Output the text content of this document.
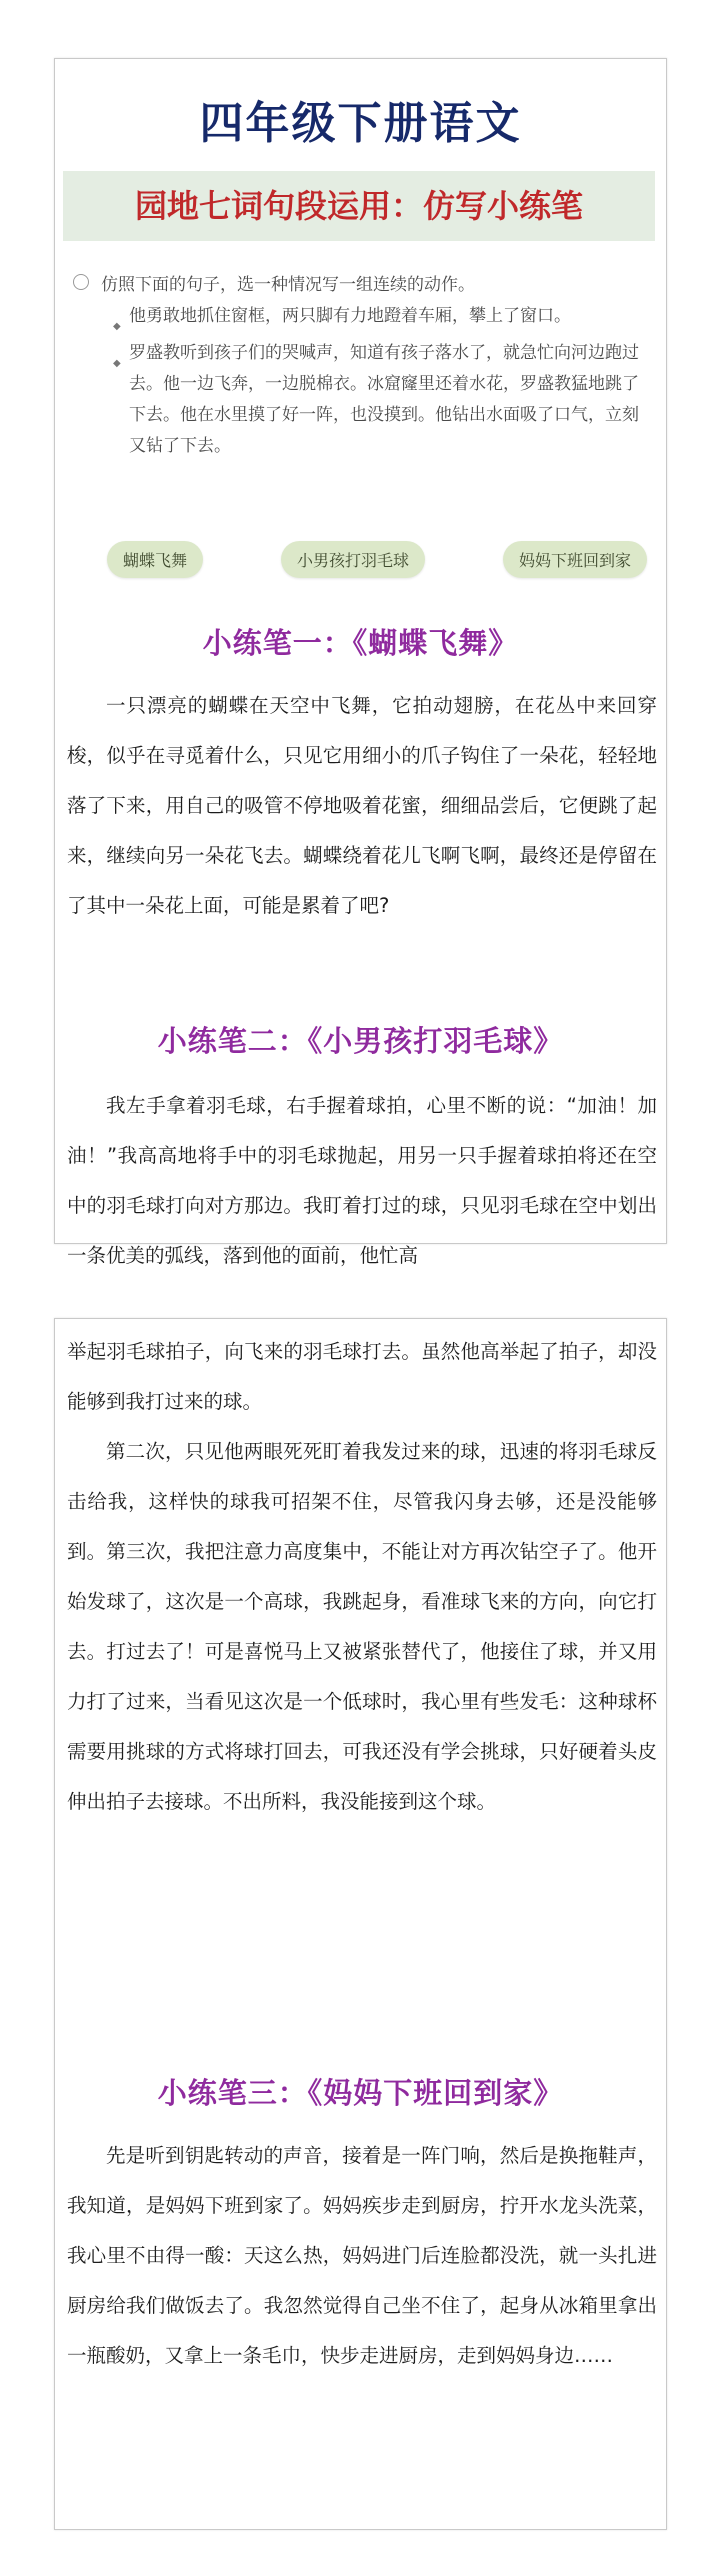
四年级下册语文
园地七词句段运用：仿写小练笔
仿照下面的句子，选一种情况写一组连续的动作。
◆
他勇敢地抓住窗框，两只脚有力地蹬着车厢，攀上了窗口。
◆
罗盛教听到孩子们的哭喊声，知道有孩子落水了，就急忙向河边跑过去。他一边飞奔，一边脱棉衣。冰窟窿里还着水花，罗盛教猛地跳了下去。他在水里摸了好一阵，也没摸到。他钻出水面吸了口气，立刻又钻了下去。
蝴蝶飞舞	小男孩打羽毛球	妈妈下班回到家
小练笔一：《蝴蝶飞舞》

一只漂亮的蝴蝶在天空中飞舞，它拍动翅膀，在花丛中来回穿梭，似乎在寻觅着什么，只见它用细小的爪子钩住了一朵花，轻轻地落了下来，用自己的吸管不停地吸着花蜜，细细品尝后，它便跳了起来，继续向另一朵花飞去。蝴蝶绕着花儿飞啊飞啊，最终还是停留在了其中一朵花上面，可能是累着了吧?

小练笔二：《小男孩打羽毛球》

我左手拿着羽毛球，右手握着球拍，心里不断的说：“加油！加油！”我高高地将手中的羽毛球抛起，用另一只手握着球拍将还在空中的羽毛球打向对方那边。我盯着打过的球，只见羽毛球在空中划出一条优美的弧线，落到他的面前，他忙高

举起羽毛球拍子，向飞来的羽毛球打去。虽然他高举起了拍子，却没能够到我打过来的球。

第二次，只见他两眼死死盯着我发过来的球，迅速的将羽毛球反击给我，这样快的球我可招架不住，尽管我闪身去够，还是没能够到。第三次，我把注意力高度集中，不能让对方再次钻空子了。他开始发球了，这次是一个高球，我跳起身，看准球飞来的方向，向它打去。打过去了！可是喜悦马上又被紧张替代了，他接住了球，并又用力打了过来，当看见这次是一个低球时，我心里有些发毛：这种球杯需要用挑球的方式将球打回去，可我还没有学会挑球，只好硬着头皮伸出拍子去接球。不出所料，我没能接到这个球。

小练笔三：《妈妈下班回到家》

先是听到钥匙转动的声音，接着是一阵门响，然后是换拖鞋声，我知道，是妈妈下班到家了。妈妈疾步走到厨房，拧开水龙头洗菜，我心里不由得一酸：天这么热，妈妈进门后连脸都没洗，就一头扎进厨房给我们做饭去了。我忽然觉得自己坐不住了，起身从冰箱里拿出一瓶酸奶，又拿上一条毛巾，快步走进厨房，走到妈妈身边……
